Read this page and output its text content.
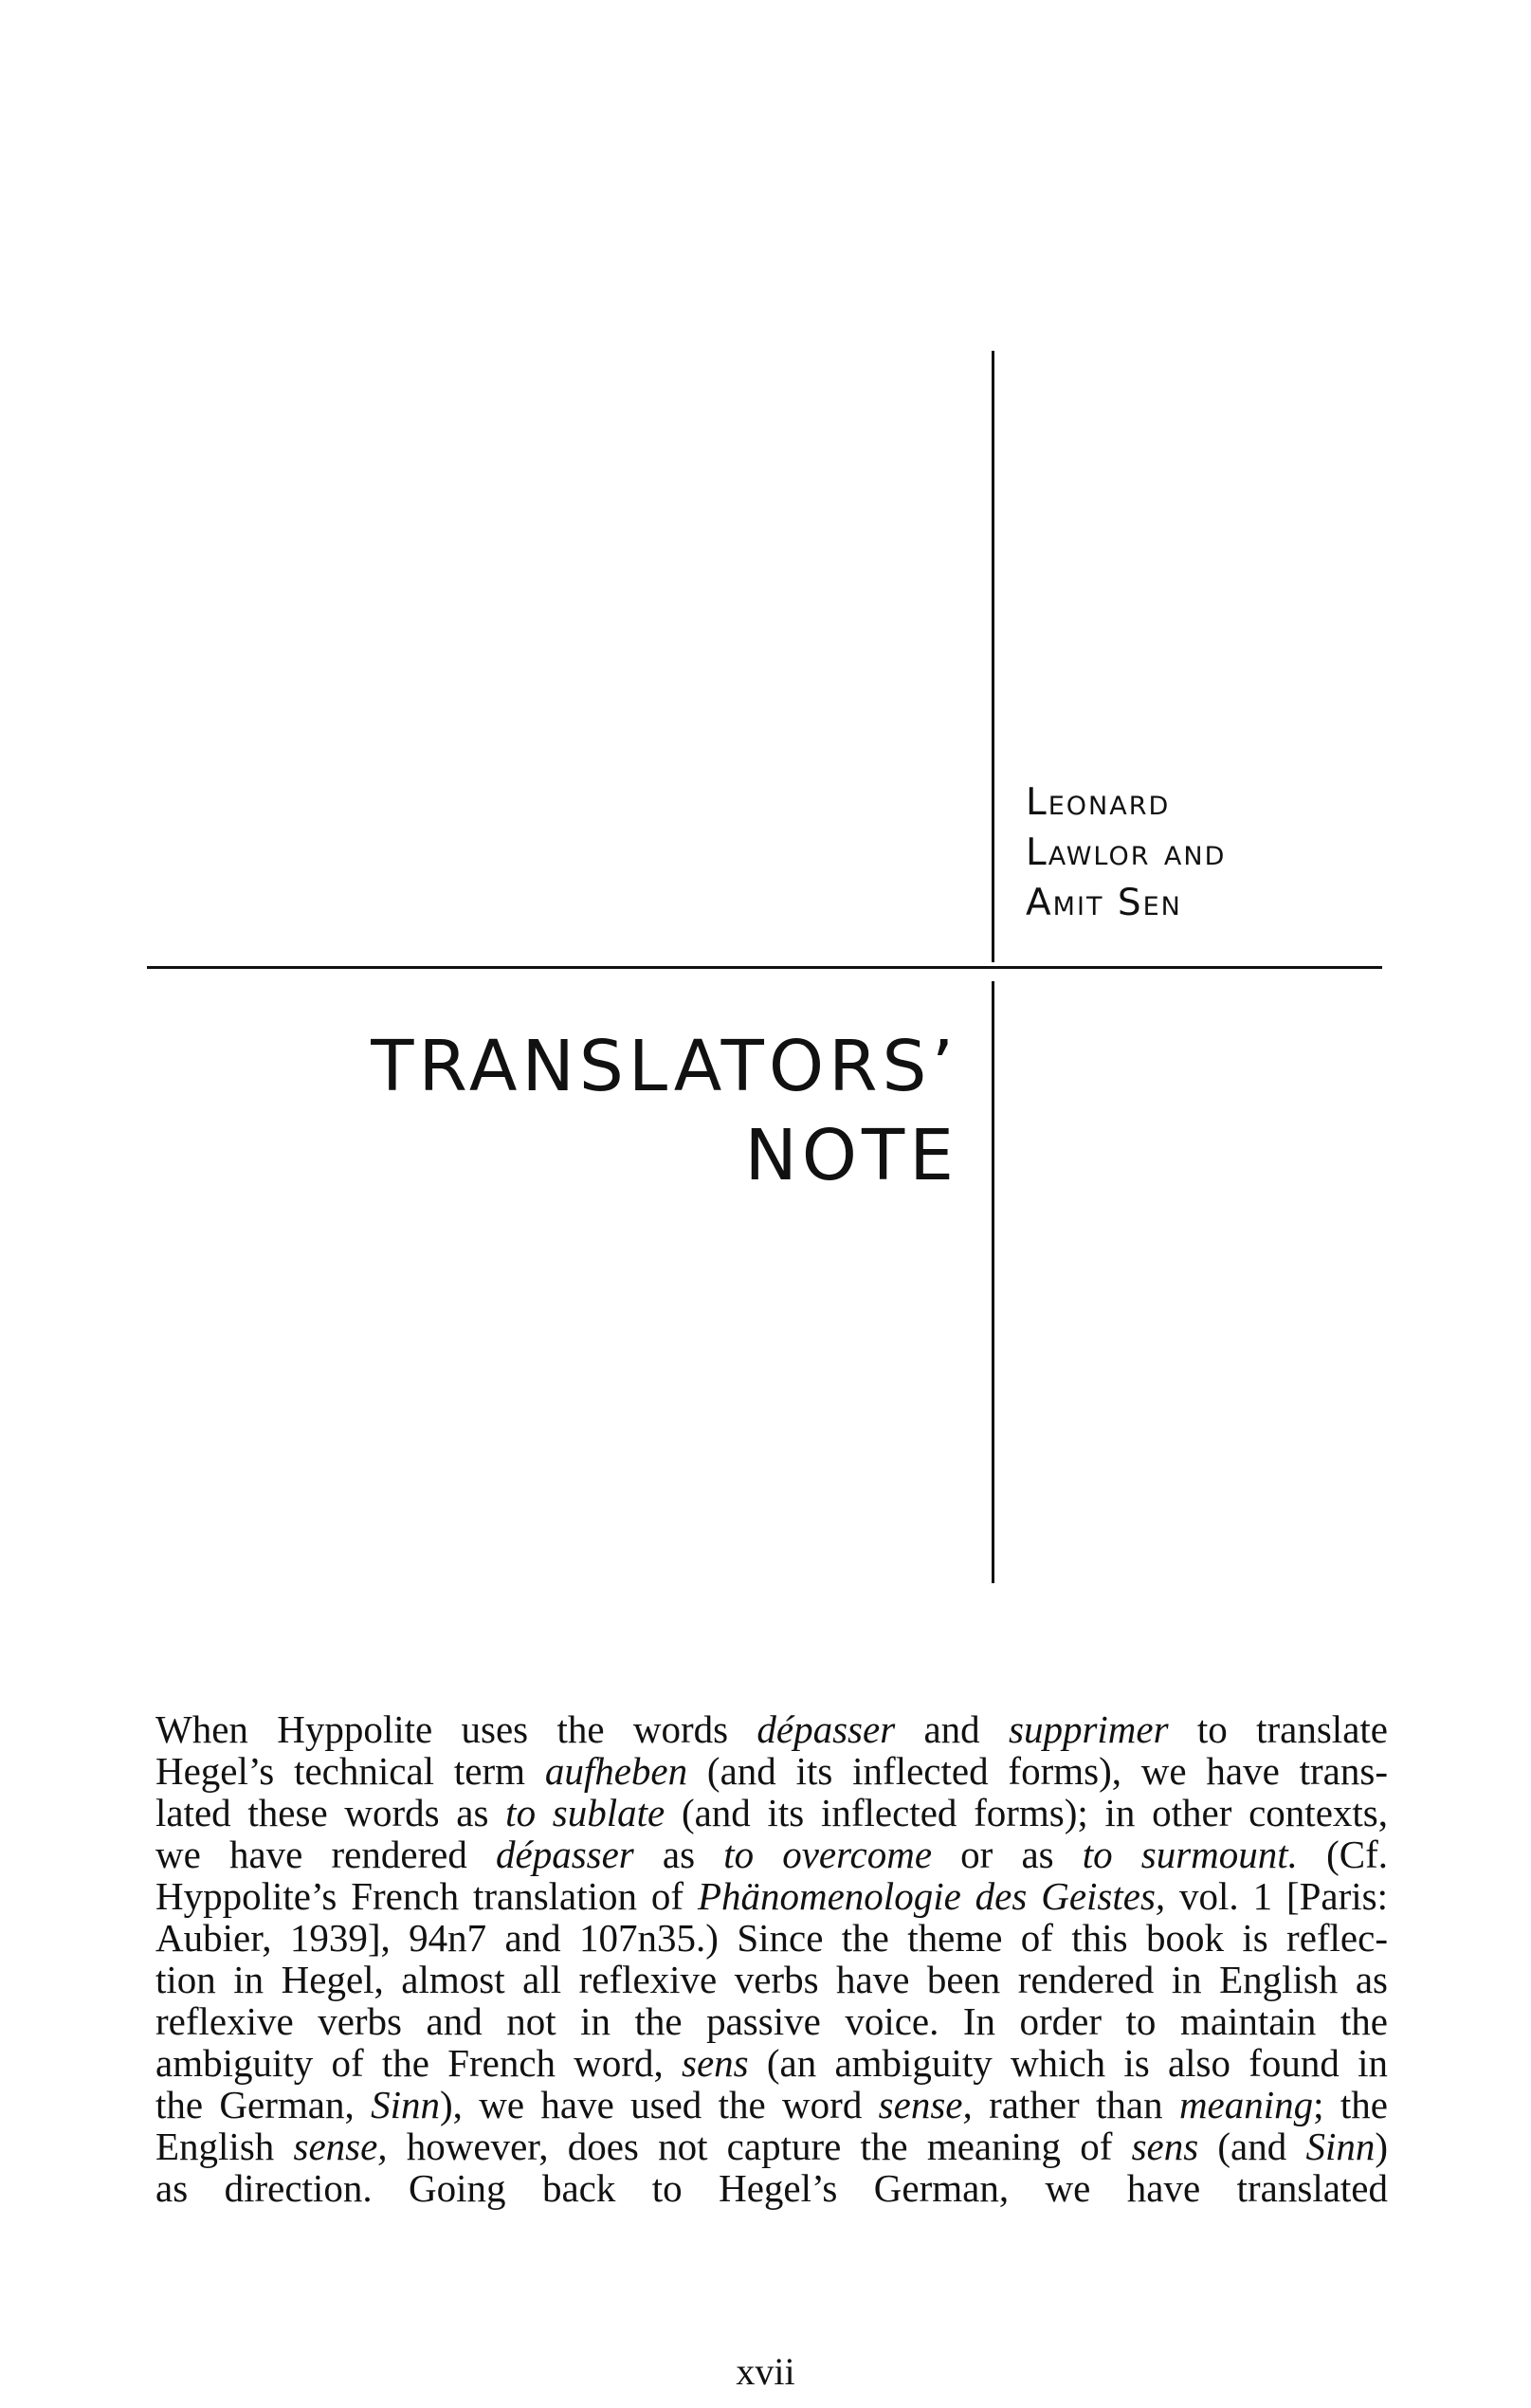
Leonard
Lawlor and
Amit Sen
TRANSLATORS’
NOTE
When Hyppolite uses the words dépasser and supprimer to translate
Hegel’s technical term aufheben (and its inflected forms), we have trans-
lated these words as to sublate (and its inflected forms); in other contexts,
we have rendered dépasser as to overcome or as to surmount. (Cf.
Hyppolite’s French translation of Phänomenologie des Geistes, vol. 1 [Paris:
Aubier, 1939], 94n7 and 107n35.) Since the theme of this book is reflec-
tion in Hegel, almost all reflexive verbs have been rendered in English as
reflexive verbs and not in the passive voice. In order to maintain the
ambiguity of the French word, sens (an ambiguity which is also found in
the German, Sinn), we have used the word sense, rather than meaning; the
English sense, however, does not capture the meaning of sens (and Sinn)
as direction. Going back to Hegel’s German, we have translated
xvii
